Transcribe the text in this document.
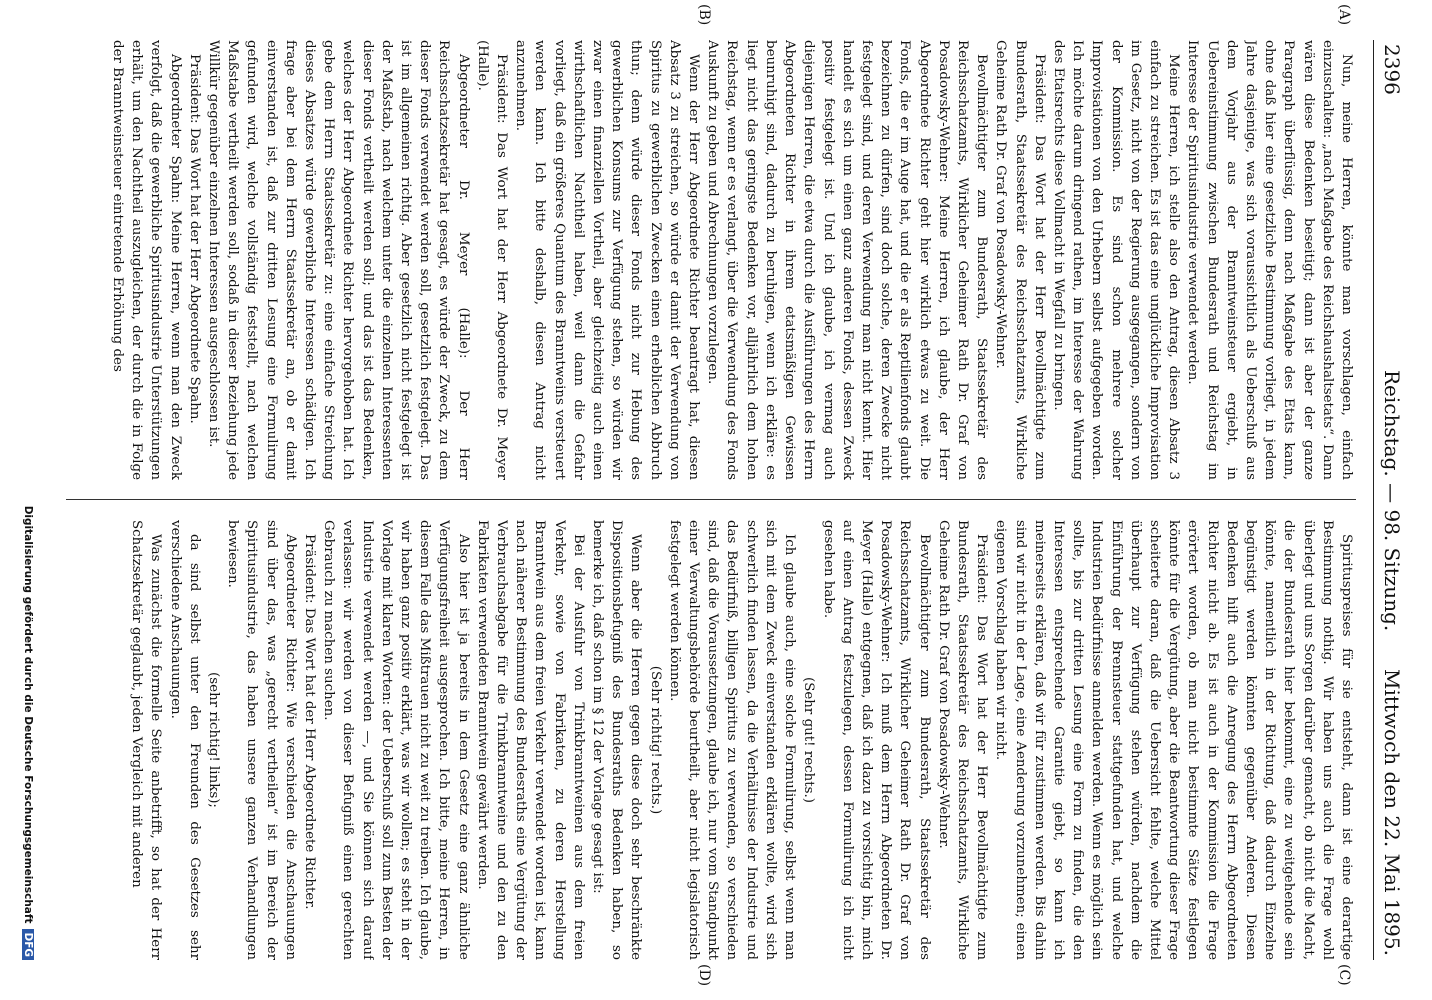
2396
Reichstag. — 98. Sitzung.
Mittwoch den 22. Mai 1895.
(A)
(B)
(C)
(D)

Nun, meine Herren, könnte man vorschlagen, einfach einzuschalten: „nach Maßgabe des Reichshaushaltsetats“. Dann wären diese Bedenken beseitigt; dann ist aber der ganze Paragraph überflüssig, denn nach Maßgabe des Etats kann, ohne daß hier eine gesetzliche Bestimmung vorliegt, in jedem Jahre dasjenige, was sich voraussichtlich als Ueberschuß aus dem Vorjahr aus der Branntweinsteuer ergiebt, in Uebereinstimmung zwischen Bundesrath und Reichstag im Interesse der Spiritusindustrie verwendet werden.

Meine Herren, ich stelle also den Antrag, diesen Absatz 3 einfach zu streichen. Es ist das eine unglückliche Improvisation im Gesetz, nicht von der Regierung ausgegangen, sondern von der Kommission. Es sind schon mehrere solcher Improvisationen von den Urhebern selbst aufgegeben worden. Ich möchte darum dringend rathen, im Interesse der Wahrung des Etatsrechts diese Vollmacht in Wegfall zu bringen.

Präsident: Das Wort hat der Herr Bevollmächtigte zum Bundesrath, Staatssekretär des Reichsschatzamts, Wirkliche Geheime Rath Dr. Graf von Posadowsky-Wehner.

Bevollmächtigter zum Bundesrath, Staatssekretär des Reichsschatzamts, Wirklicher Geheimer Rath Dr. Graf von Posadowsky-Wehner: Meine Herren, ich glaube, der Herr Abgeordnete Richter geht hier wirklich etwas zu weit. Die Fonds, die er im Auge hat, und die er als Reptilienfonds glaubt bezeichnen zu dürfen, sind doch solche, deren Zwecke nicht festgelegt sind, und deren Verwendung man nicht kennt. Hier handelt es sich um einen ganz anderen Fonds, dessen Zweck positiv festgelegt ist. Und ich glaube, ich vermag auch diejenigen Herren, die etwa durch die Ausführungen des Herrn Abgeordneten Richter in ihrem etatsmäßigen Gewissen beunruhigt sind, dadurch zu beruhigen, wenn ich erkläre: es liegt nicht das geringste Bedenken vor, alljährlich dem hohen Reichstag, wenn er es verlangt, über die Verwendung des Fonds Auskunft zu geben und Abrechnungen vorzulegen.

Wenn der Herr Abgeordnete Richter beantragt hat, diesen Absatz 3 zu streichen, so würde er damit der Verwendung von Spiritus zu gewerblichen Zwecken einen erheblichen Abbruch thun; denn würde dieser Fonds nicht zur Hebung des gewerblichen Konsums zur Verfügung stehen, so würden wir zwar einen finanziellen Vortheil, aber gleichzeitig auch einen wirthschaftlichen Nachtheil haben, weil dann die Gefahr vorliegt, daß ein größeres Quantum des Branntweins versteuert werden kann. Ich bitte deshalb, diesen Antrag nicht anzunehmen.

Präsident: Das Wort hat der Herr Abgeordnete Dr. Meyer (Halle).

Abgeordneter Dr. Meyer (Halle): Der Herr Reichsschatzsekretär hat gesagt, es würde der Zweck, zu dem dieser Fonds verwendet werden soll, gesetzlich festgelegt. Das ist im allgemeinen richtig. Aber gesetzlich nicht festgelegt ist der Maßstab, nach welchem unter die einzelnen Interessenten dieser Fonds vertheilt werden soll; und das ist das Bedenken, welches der Herr Abgeordnete Richter hervorgehoben hat. Ich gebe dem Herrn Staatssekretär zu: eine einfache Streichung dieses Absatzes würde gewerbliche Interessen schädigen. Ich frage aber bei dem Herrn Staatssekretär an, ob er damit einverstanden ist, daß zur dritten Lesung eine Formulirung gefunden wird, welche vollständig feststellt, nach welchen Maßstabe vertheilt werden soll, sodaß in dieser Beziehung jede Willkür gegenüber einzelnen Interessen ausgeschlossen ist.

Präsident: Das Wort hat der Herr Abgeordnete Spahn.

Abgeordneter Spahn: Meine Herren, wenn man den Zweck verfolgt, daß die gewerbliche Spiritusindustrie Unterstützungen erhält, um den Nachtheil auszugleichen, der durch die in Folge der Branntweinsteuer eintretende Erhöhung des

Spirituspreises für sie entsteht, dann ist eine derartige Bestimmung nothig. Wir haben uns auch die Frage wohl überlegt und uns Sorgen darüber gemacht, ob nicht die Macht, die der Bundesrath hier bekommt, eine zu weitgehende sein könnte, namentlich in der Richtung, daß dadurch Einzelne begünstigt werden könnten gegenüber Anderen. Diesen Bedenken hilft auch die Anregung des Herrn Abgeordneten Richter nicht ab. Es ist auch in der Kommission die Frage erörtert worden, ob man nicht bestimmte Sätze festlegen könnte für die Vergütung, aber die Beantwortung dieser Frage scheiterte daran, daß die Uebersicht fehlte, welche Mittel überhaupt zur Verfügung stehen würden, nachdem die Einführung der Brennsteuer stattgefunden hat, und welche Industrien Bedürfnisse anmelden werden. Wenn es möglich sein sollte, bis zur dritten Lesung eine Form zu finden, die den Interessen entsprechende Garantie giebt, so kann ich meinerseits erklären, daß wir für zustimmen werden. Bis dahin sind wir nicht in der Lage, eine Aenderung vorzunehmen; einen eigenen Vorschlag haben wir nicht.

Präsident: Das Wort hat der Herr Bevollmächtigte zum Bundesrath, Staatssekretär des Reichsschatzamts, Wirkliche Geheime Rath Dr. Graf von Posadowsky-Wehner.

Bevollmächtigter zum Bundesrath, Staatssekretär des Reichsschatzamts, Wirklicher Geheimer Rath Dr. Graf von Posadowsky-Wehner: Ich muß dem Herrn Abgeordneten Dr. Meyer (Halle) entgegnen, daß ich dazu zu vorsichtig bin, mich auf einen Antrag festzulegen, dessen Formulirung ich nicht gesehen habe.

(Sehr gut! rechts.)

Ich glaube auch, eine solche Formulirung, selbst wenn man sich mit dem Zweck einverstanden erklären wollte, wird sich schwerlich finden lassen, da die Verhältnisse der Industrie und das Bedürfniß, billigen Spiritus zu verwenden, so verschieden sind, daß die Voraussetzungen, glaube ich, nur vom Standpunkt einer Verwaltungsbehörde beurtheilt, aber nicht legislatorisch festgelegt werden können.

(Sehr richtig! rechts.)

Wenn aber die Herren gegen diese doch sehr beschränkte Dispositionsbefugniß des Bundesraths Bedenken haben, so bemerke ich, daß schon im § 12 der Vorlage gesagt ist:

Bei der Ausfuhr von Trinkbranntweinen aus dem freien Verkehr, sowie von Fabrikaten, zu deren Herstellung Branntwein aus dem freien Verkehr verwendet worden ist, kann nach näherer Bestimmung des Bundesraths eine Vergütung der Verbrauchsabgabe für die Trinkbranntweine und den zu den Fabrikaten verwendeten Branntwein gewährt werden.

Also hier ist ja bereits in dem Gesetz eine ganz ähnliche Verfügungsfreiheit ausgesprochen. Ich bitte, meine Herren, in diesem Falle das Mißtrauen nicht zu weit zu treiben. Ich glaube, wir haben ganz positiv erklärt, was wir wollen; es steht in der Vorlage mit klaren Worten: der Ueberschuß soll zum Besten der Industrie verwendet werden —, und Sie können sich darauf verlassen: wir werden von dieser Befugniß einen gerechten Gebrauch zu machen suchen.

Präsident: Das Wort hat der Herr Abgeordnete Richter.

Abgeordneter Richter: Wie verschieden die Anschauungen sind über das, was „gerecht vertheilen“ ist im Bereich der Spiritusindustrie, das haben unsere ganzen Verhandlungen bewiesen.

(sehr richtig! links);

da sind selbst unter den Freunden des Gesetzes sehr verschiedene Anschauungen.

Was zunächst die formelle Seite anbetrifft, so hat der Herr Schatzsekretär geglaubt, jeden Vergleich mit anderen

Digitalisierung gefördert durch die Deutsche ForschungsgemeinschaftDFG
